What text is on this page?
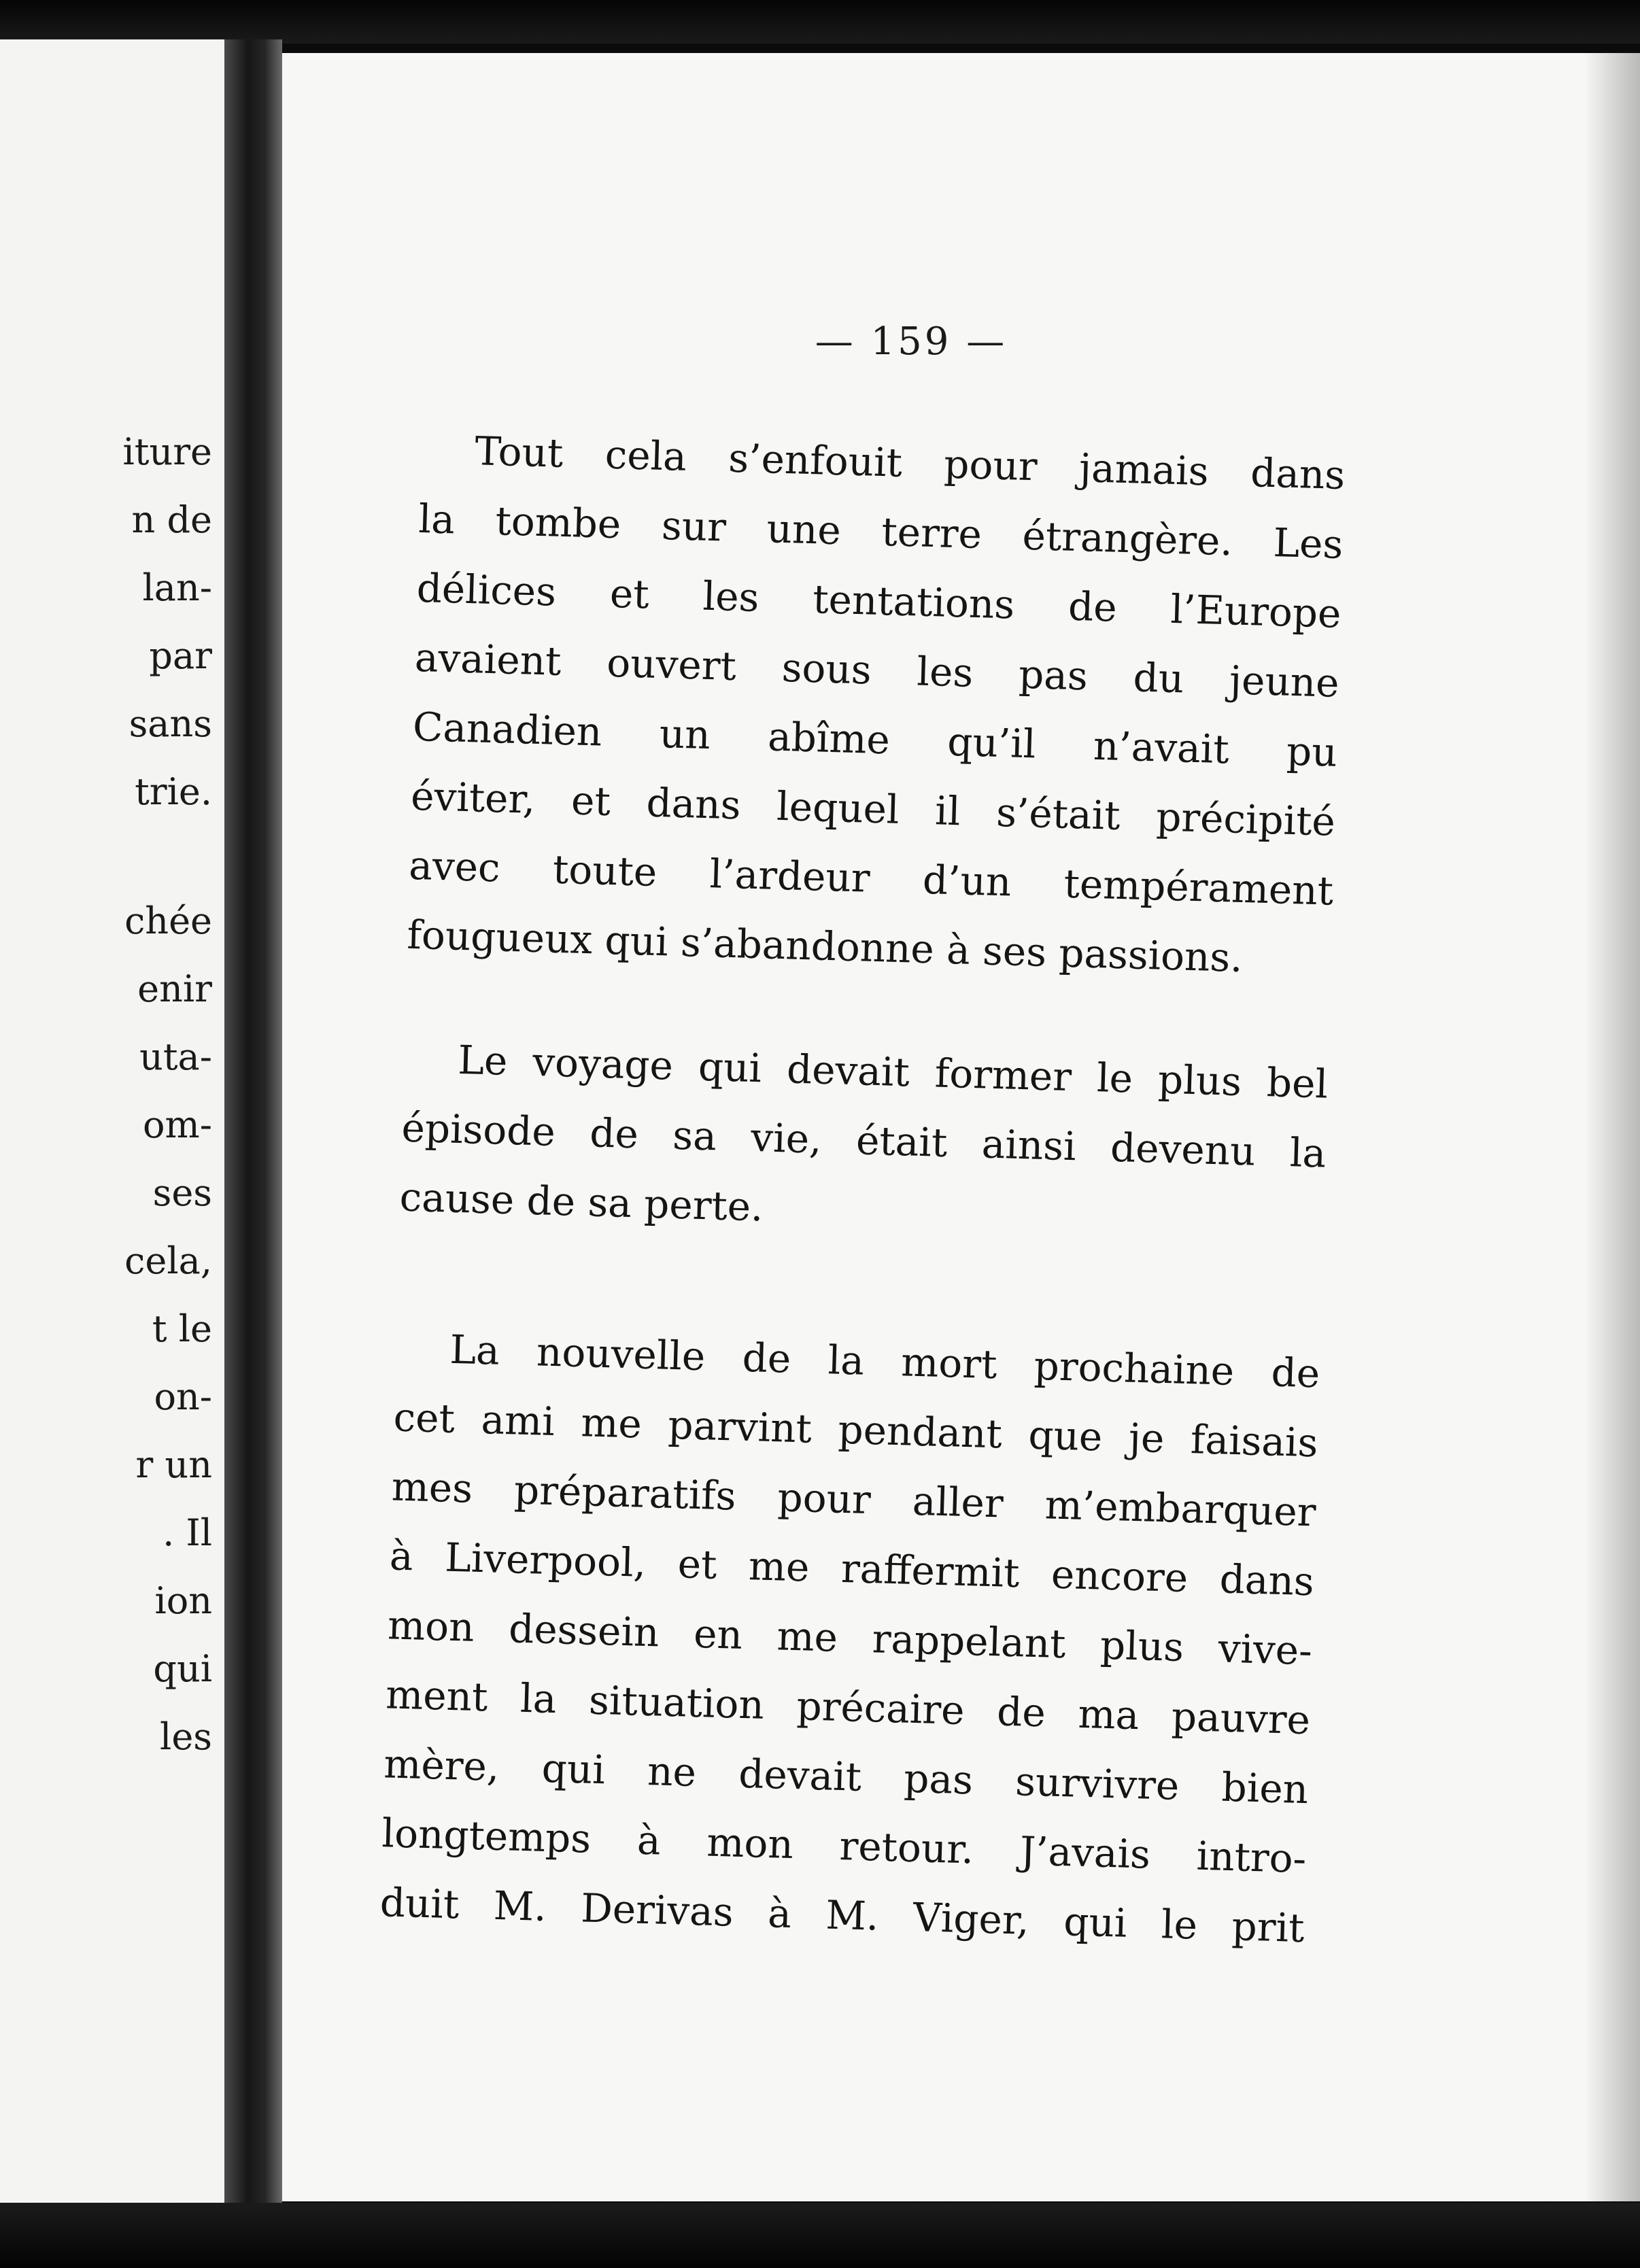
iture
n de
lan-
par
sans
trie.
chée
enir
uta-
om-
ses
cela,
t le
on-
r un
. Il
ion
qui
les
— 159 —
Tout cela s’enfouit pour jamais dans
la tombe sur une terre étrangère. Les
délices et les tentations de l’Europe
avaient ouvert sous les pas du jeune
Canadien un abîme qu’il n’avait pu
éviter, et dans lequel il s’était précipité
avec toute l’ardeur d’un tempérament
fougueux qui s’abandonne à ses passions.
Le voyage qui devait former le plus bel
épisode de sa vie, était ainsi devenu la
cause de sa perte.
La nouvelle de la mort prochaine de
cet ami me parvint pendant que je faisais
mes préparatifs pour aller m’embarquer
à Liverpool, et me raffermit encore dans
mon dessein en me rappelant plus vive-
ment la situation précaire de ma pauvre
mère, qui ne devait pas survivre bien
longtemps à mon retour. J’avais intro-
duit M. Derivas à M. Viger, qui le prit
